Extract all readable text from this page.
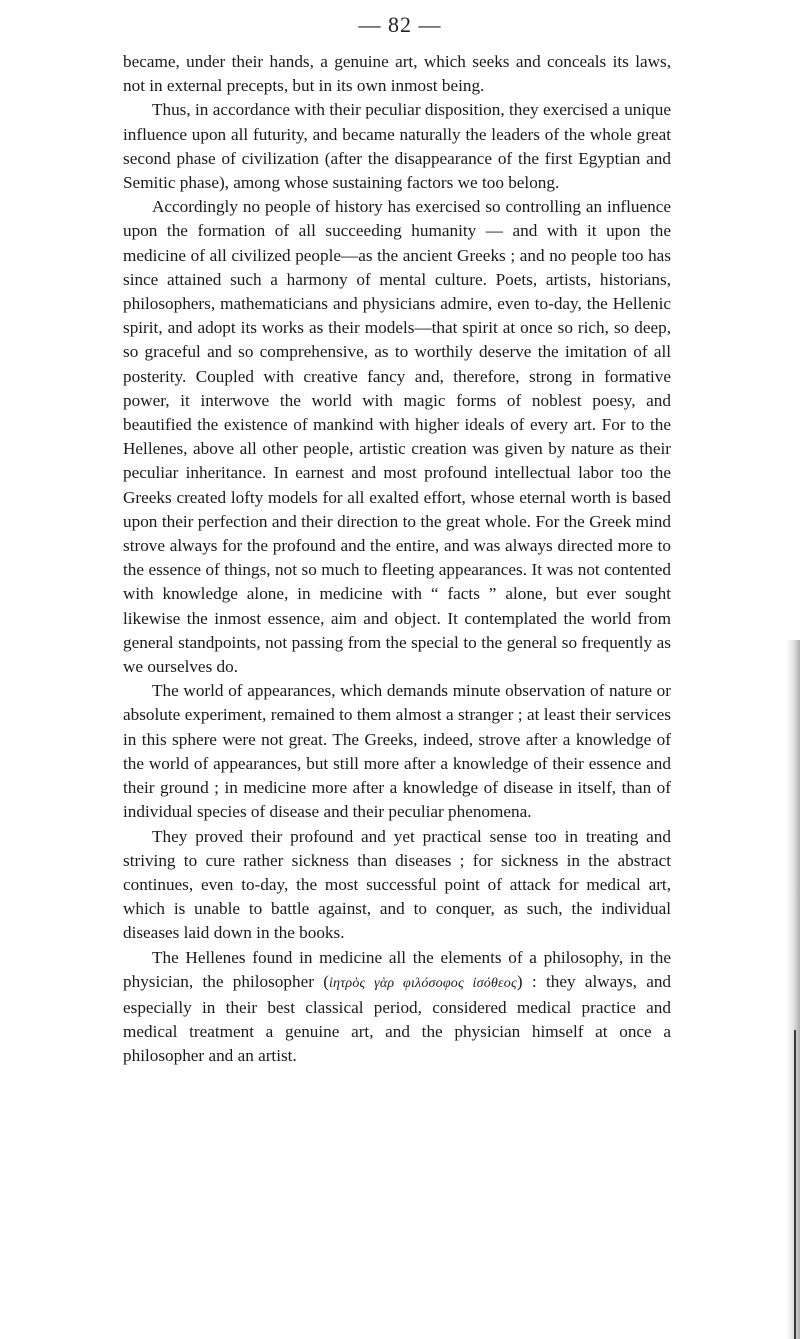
— 82 —

became, under their hands, a genuine art, which seeks and conceals its laws, not in external precepts, but in its own inmost being.

Thus, in accordance with their peculiar disposition, they exercised a unique influence upon all futurity, and became naturally the leaders of the whole great second phase of civilization (after the disappearance of the first Egyptian and Semitic phase), among whose sustaining factors we too belong.

Accordingly no people of history has exercised so controlling an influence upon the formation of all succeeding humanity — and with it upon the medicine of all civilized people—as the ancient Greeks ; and no people too has since attained such a harmony of mental culture. Poets, artists, historians, philosophers, mathematicians and physicians admire, even to-day, the Hellenic spirit, and adopt its works as their models—that spirit at once so rich, so deep, so graceful and so comprehensive, as to worthily deserve the imitation of all posterity. Coupled with creative fancy and, therefore, strong in formative power, it interwove the world with magic forms of noblest poesy, and beautified the existence of mankind with higher ideals of every art. For to the Hellenes, above all other people, artistic creation was given by nature as their peculiar inheritance. In earnest and most profound intellectual labor too the Greeks created lofty models for all exalted effort, whose eternal worth is based upon their perfection and their direction to the great whole. For the Greek mind strove always for the profound and the entire, and was always directed more to the essence of things, not so much to fleeting appearances. It was not contented with knowledge alone, in medicine with “ facts ” alone, but ever sought likewise the inmost essence, aim and object. It contemplated the world from general standpoints, not passing from the special to the general so frequently as we ourselves do.

The world of appearances, which demands minute observation of nature or absolute experiment, remained to them almost a stranger ; at least their services in this sphere were not great. The Greeks, indeed, strove after a knowledge of the world of appearances, but still more after a knowledge of their essence and their ground ; in medicine more after a knowledge of disease in itself, than of individual species of disease and their peculiar phenomena.

They proved their profound and yet practical sense too in treating and striving to cure rather sickness than diseases ; for sickness in the abstract continues, even to-day, the most successful point of attack for medical art, which is unable to battle against, and to conquer, as such, the individual diseases laid down in the books.

The Hellenes found in medicine all the elements of a philosophy, in the physician, the philosopher (ἰητρὸς γὰρ φιλόσοφος ἰσόθεος) : they always, and especially in their best classical period, considered medical practice and medical treatment a genuine art, and the physician himself at once a philosopher and an artist.
